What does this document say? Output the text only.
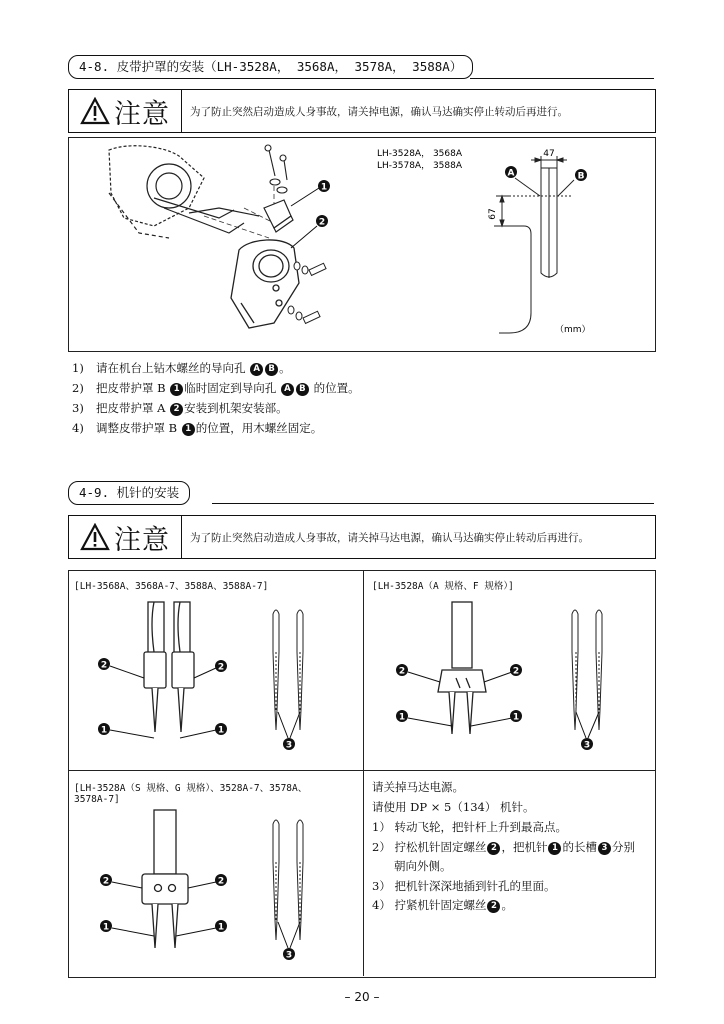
4-8. 皮带护罩的安装（LH-3528A， 3568A， 3578A， 3588A）
注意	为了防止突然启动造成人身事故，请关掉电源，确认马达确实停止转动后再进行。
1
2
LH-3528A， 3568A
LH-3578A， 3588A
47
67
A	B
（mm）
1) 请在机台上钻木螺丝的导向孔 A B 。
2) 把皮带护罩 B 1 临时固定到导向孔 A B 的位置。
3) 把皮带护罩 A 2 安装到机架安装部。
4) 调整皮带护罩 B 1 的位置，用木螺丝固定。
4-9. 机针的安装
注意	为了防止突然启动造成人身事故，请关掉马达电源，确认马达确实停止转动后再进行。
[LH-3568A、3568A-7、3588A、3588A-7]	[LH-3528A（A 规格、F 规格）]
[LH-3528A（S 规格、G 规格）、3528A-7、3578A、
3578A-7]
2	2
1	1
3
2	2
1	1
3
2	2
1	1
3
请关掉马达电源。
请使用 DP × 5（134） 机针。
1） 转动飞轮，把针杆上升到最高点。
2） 拧松机针固定螺丝 2 ，把机针 1 的长槽 3 分别
朝向外侧。
3） 把机针深深地插到针孔的里面。
4） 拧紧机针固定螺丝 2 。
– 20 –
